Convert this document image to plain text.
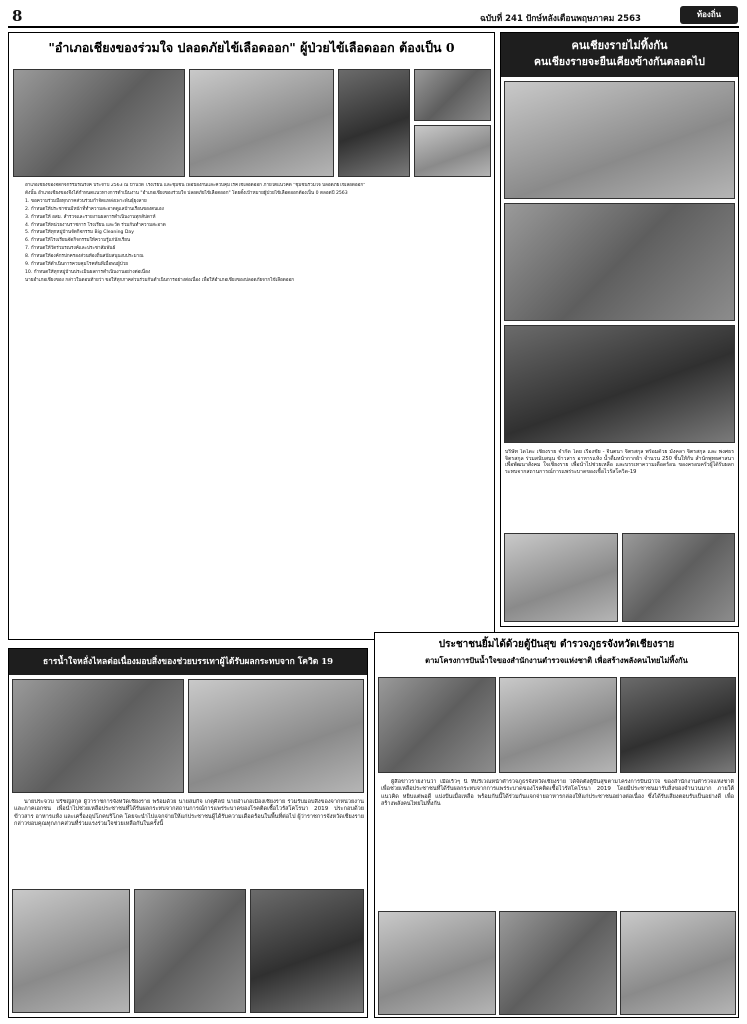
8	ฉบับที่ 241 ปักษ์หลังเดือนพฤษภาคม 2563	ท้องถิ่น
"อำเภอเชียงของร่วมใจ ปลอดภัยไข้เลือดออก" ผู้ป่วยไข้เลือดออก ต้องเป็น 0

อำเภอเชียงของจัดกิจกรรมรณรงค์ ประจำปี 2563 ณ บ้านวัด โรงเรียน และชุมชน เพื่อป้องกันและควบคุมโรคไข้เลือดออก ภายใต้แนวคิด "ชุมชนร่วมใจ ปลอดภัยไข้เลือดออก"

ดังนั้น อำเภอเชียงของจึงได้กำหนดแนวทางการดำเนินงาน "อำเภอเชียงของร่วมใจ ปลอดภัยไข้เลือดออก" โดยตั้งเป้าหมายผู้ป่วยไข้เลือดออกต้องเป็น 0 ตลอดปี 2563

1. ขอความร่วมมือทุกภาคส่วนร่วมกำจัดแหล่งเพาะพันธุ์ยุงลาย

2. กำหนดให้ประชาชนมีหน้าที่ทำความสะอาดดูแลบ้านเรือนของตนเอง

3. กำหนดให้ อสม. สำรวจและรายงานผลการดำเนินงานทุกสัปดาห์

4. กำหนดให้หน่วยงานราชการ โรงเรียน และวัด ร่วมกันทำความสะอาด

5. กำหนดให้ทุกหมู่บ้านจัดกิจกรรม Big Cleaning Day

6. กำหนดให้โรงเรียนจัดกิจกรรมให้ความรู้แก่นักเรียน

7. กำหนดให้วัดร่วมรณรงค์และประชาสัมพันธ์

8. กำหนดให้องค์กรปกครองส่วนท้องถิ่นสนับสนุนงบประมาณ

9. กำหนดให้ดำเนินการควบคุมโรคทันทีเมื่อพบผู้ป่วย

10. กำหนดให้ทุกหมู่บ้านประเมินผลการดำเนินงานอย่างต่อเนื่อง

นายอำเภอเชียงของ กล่าวในตอนท้ายว่า ขอให้ทุกภาคส่วนร่วมกันดำเนินการอย่างต่อเนื่อง เพื่อให้อำเภอเชียงของปลอดภัยจากไข้เลือดออก

คนเชียงรายไม่ทิ้งกัน
คนเชียงรายจะยืนเคียงข้างกันตลอดไป
บริษัท ไดโดะ เชียงราย จำกัด โดย เรืองชัย - จินตนา จิตรสกุล พร้อมด้วย มังคลา จิตรสกุล และ พงศธร จิตรสกุล ร่วมสนับสนุน ข้าวสาร อาหารแห้ง น้ำดื่มหน้ากากผ้า จำนวน 250 ชิ้นให้กับ สำนักพุทธศาสนาเพื่อพัฒนาสังคม ใจเชียงราย เพื่อนำไปช่วยเหลือ และบรรเทาความเดือดร้อน ของครอบครัวผู้ได้รับผลกระทบจากสถานการณ์การแพร่ระบาดของเชื้อไวรัสโควิด-19
ธารน้ำใจหลั่งไหลต่อเนื่องมอบสิ่งของช่วยบรรเทาผู้ได้รับผลกระทบจาก โควิด 19
นายประจวบ ปรัชญ์สกุล ผู้ว่าราชการจังหวัดเชียงราย พร้อมด้วย นายสมกิจ เกตุศิลป์ นายอำเภอเมืองเชียงราย ร่วมรับมอบสิ่งของจากหน่วยงานและภาคเอกชน เพื่อนำไปช่วยเหลือประชาชนที่ได้รับผลกระทบจากสถานการณ์การแพร่ระบาดของโรคติดเชื้อไวรัสโคโรนา 2019 ประกอบด้วยข้าวสาร อาหารแห้ง และเครื่องอุปโภคบริโภค โดยจะนำไปแจกจ่ายให้แก่ประชาชนผู้ได้รับความเดือดร้อนในพื้นที่ต่อไป ผู้ว่าราชการจังหวัดเชียงราย กล่าวขอบคุณทุกภาคส่วนที่ร่วมแรงร่วมใจช่วยเหลือกันในครั้งนี้
ประชาชนยิ้มได้ด้วยตู้ปันสุข ตำรวจภูธรจังหวัดเชียงราย
ตามโครงการปันน้ำใจของสำนักงานตำรวจแห่งชาติ เพื่อสร้างพลังคนไทยไม่ทิ้งกัน
ผู้สื่อข่าวรายงานว่า เมื่อเร็วๆ นี้ ที่บริเวณหน้าตำรวจภูธรจังหวัดเชียงราย ได้จัดตั้งตู้ปันสุขตามโครงการปันน้ำใจ ของสำนักงานตำรวจแห่งชาติ เพื่อช่วยเหลือประชาชนที่ได้รับผลกระทบจากการแพร่ระบาดของโรคติดเชื้อไวรัสโคโรนา 2019 โดยมีประชาชนมารับสิ่งของจำนวนมาก ภายใต้แนวคิด หยิบแต่พอดี แบ่งปันเมื่อเหลือ พร้อมกันนี้ได้ร่วมกันแจกจ่ายอาหารกล่องให้แก่ประชาชนอย่างต่อเนื่อง ซึ่งได้รับเสียงตอบรับเป็นอย่างดี เพื่อสร้างพลังคนไทยไม่ทิ้งกัน
